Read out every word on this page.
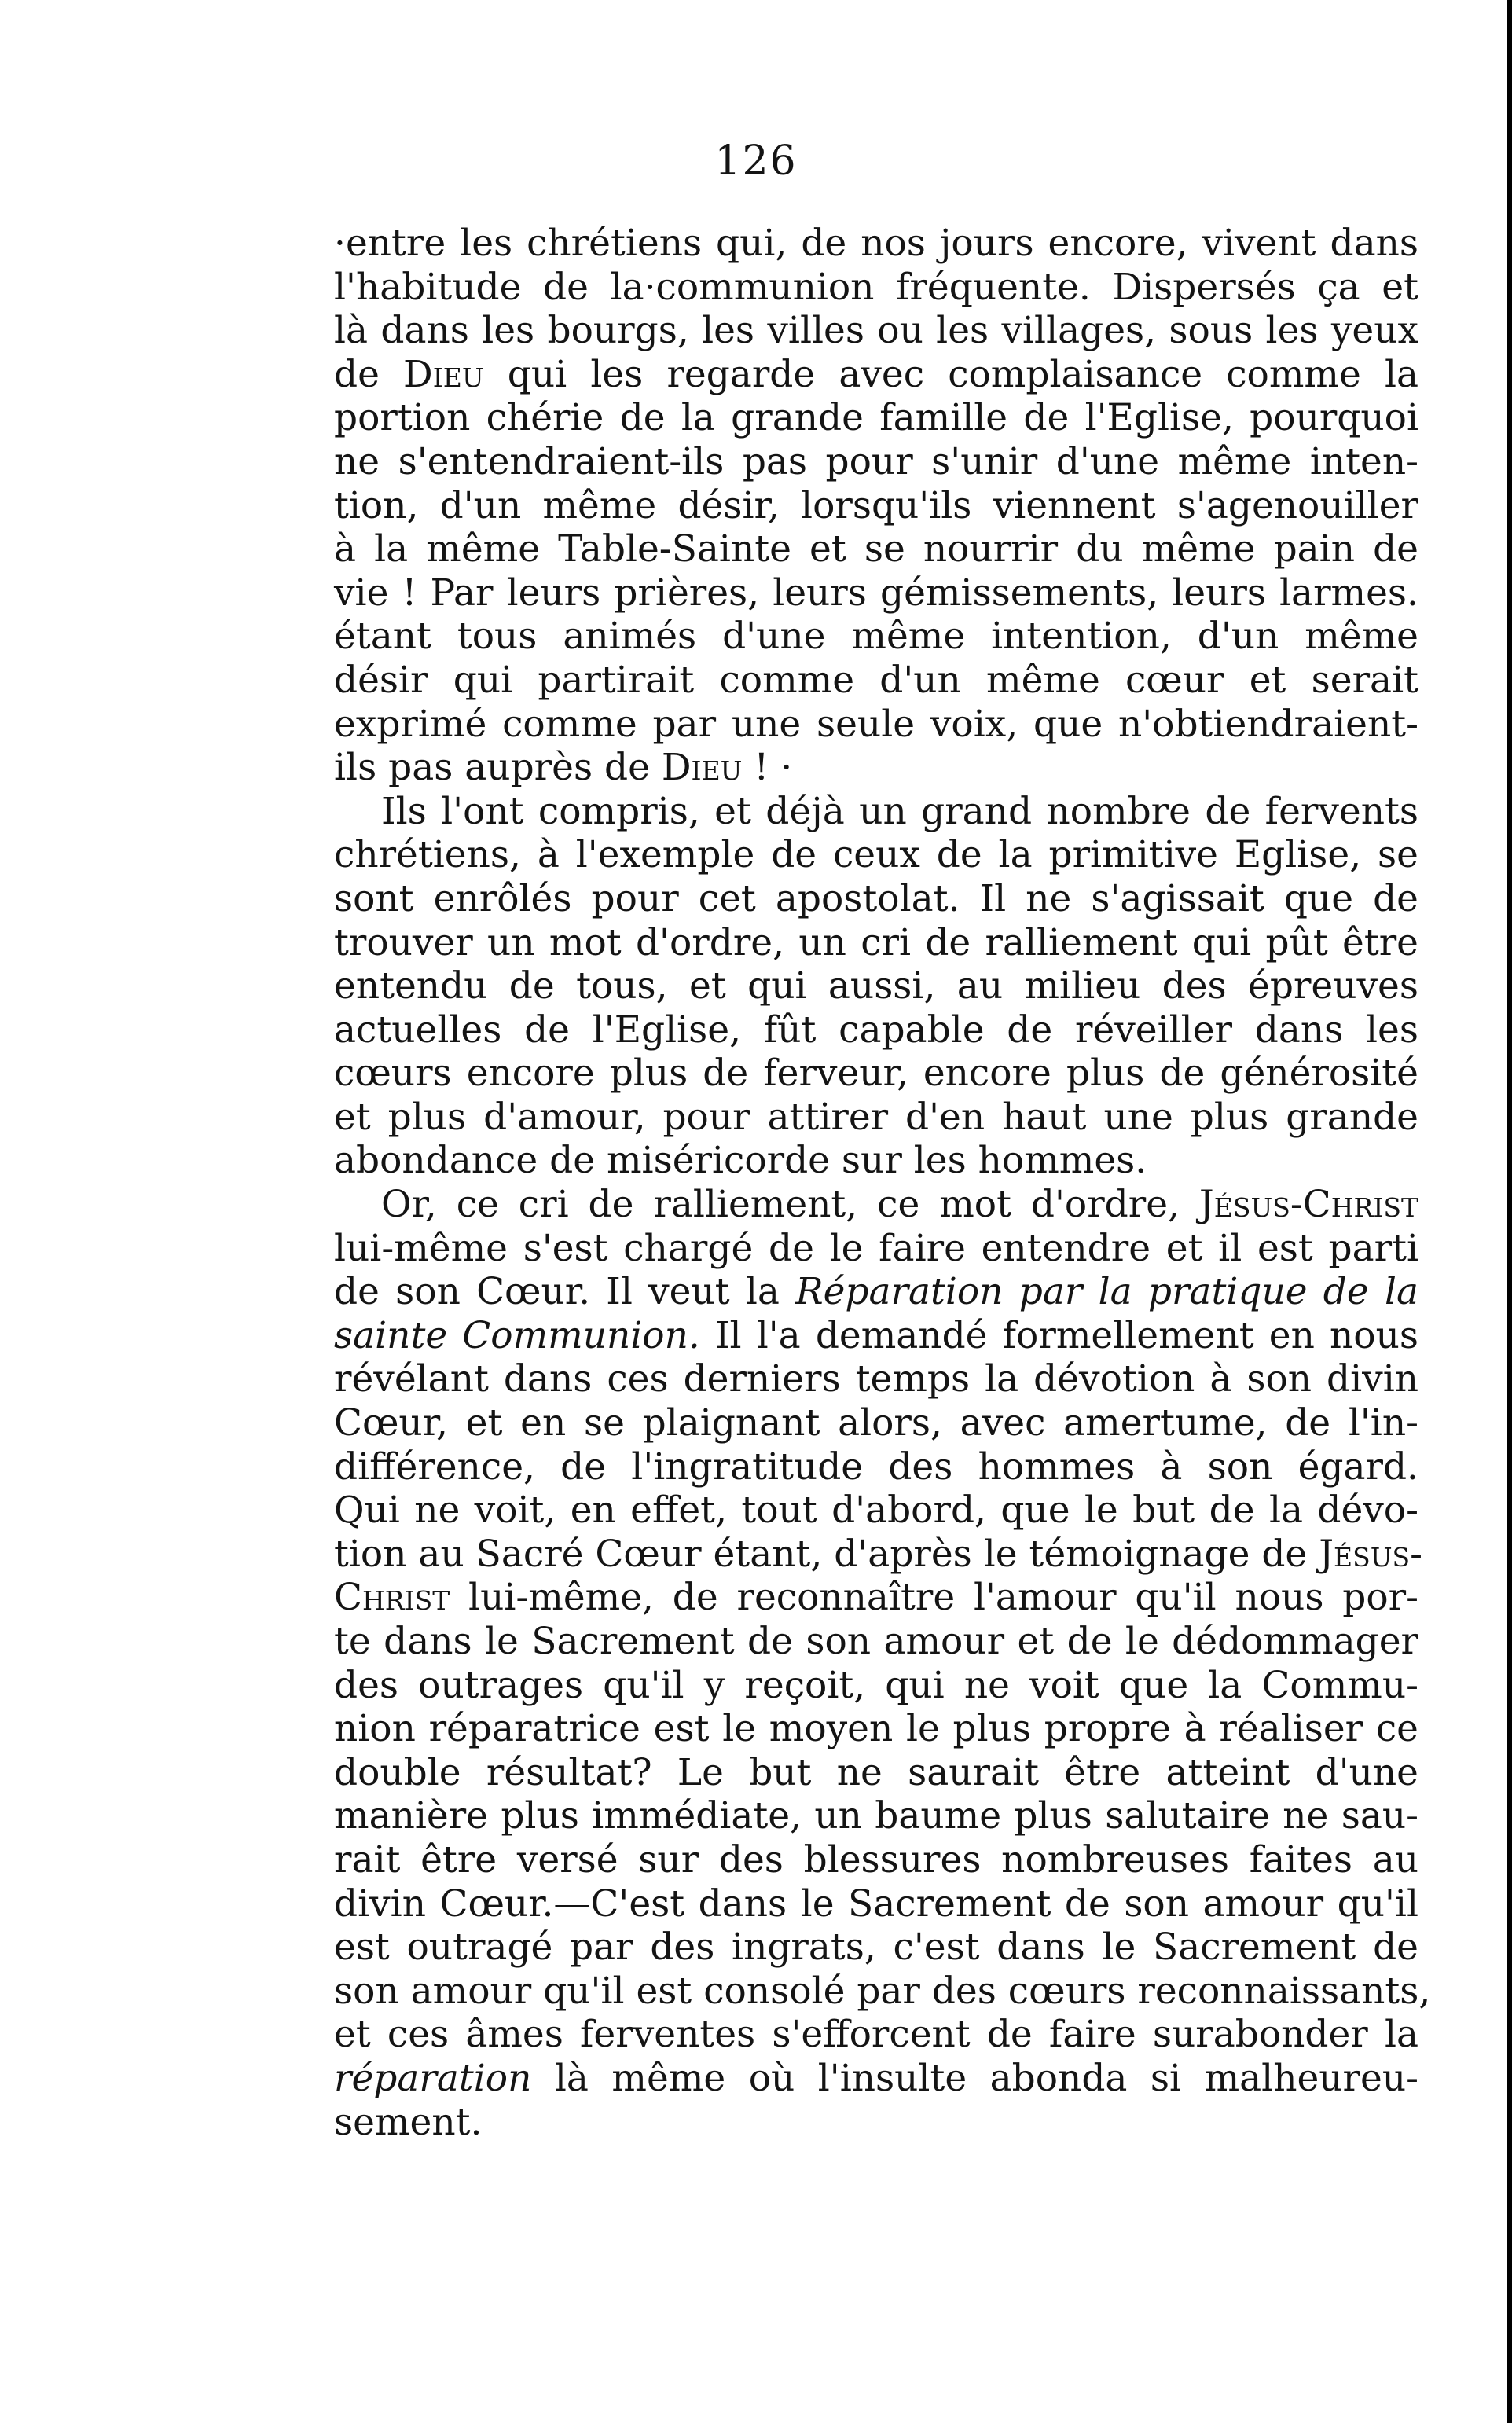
126
·entre les chrétiens qui, de nos jours encore, vivent dans
l'habitude de la·communion fréquente. Dispersés ça et
là dans les bourgs, les villes ou les villages, sous les yeux
de Dieu qui les regarde avec complaisance comme la
portion chérie de la grande famille de l'Eglise, pourquoi
ne s'entendraient-ils pas pour s'unir d'une même inten-
tion, d'un même désir, lorsqu'ils viennent s'agenouiller
à la même Table-Sainte et se nourrir du même pain de
vie ! Par leurs prières, leurs gémissements, leurs larmes.
étant tous animés d'une même intention, d'un même
désir qui partirait comme d'un même cœur et serait
exprimé comme par une seule voix, que n'obtiendraient-
ils pas auprès de Dieu ! ·
Ils l'ont compris, et déjà un grand nombre de fervents
chrétiens, à l'exemple de ceux de la primitive Eglise, se
sont enrôlés pour cet apostolat. Il ne s'agissait que de
trouver un mot d'ordre, un cri de ralliement qui pût être
entendu de tous, et qui aussi, au milieu des épreuves
actuelles de l'Eglise, fût capable de réveiller dans les
cœurs encore plus de ferveur, encore plus de générosité
et plus d'amour, pour attirer d'en haut une plus grande
abondance de miséricorde sur les hommes.
Or, ce cri de ralliement, ce mot d'ordre, Jésus-Christ
lui-même s'est chargé de le faire entendre et il est parti
de son Cœur. Il veut la Réparation par la pratique de la
sainte Communion. Il l'a demandé formellement en nous
révélant dans ces derniers temps la dévotion à son divin
Cœur, et en se plaignant alors, avec amertume, de l'in-
différence, de l'ingratitude des hommes à son égard.
Qui ne voit, en effet, tout d'abord, que le but de la dévo-
tion au Sacré Cœur étant, d'après le témoignage de Jésus-
Christ lui-même, de reconnaître l'amour qu'il nous por-
te dans le Sacrement de son amour et de le dédommager
des outrages qu'il y reçoit, qui ne voit que la Commu-
nion réparatrice est le moyen le plus propre à réaliser ce
double résultat? Le but ne saurait être atteint d'une
manière plus immédiate, un baume plus salutaire ne sau-
rait être versé sur des blessures nombreuses faites au
divin Cœur.—C'est dans le Sacrement de son amour qu'il
est outragé par des ingrats, c'est dans le Sacrement de
son amour qu'il est consolé par des cœurs reconnaissants,
et ces âmes ferventes s'efforcent de faire surabonder la
réparation là même où l'insulte abonda si malheureu-
sement.
